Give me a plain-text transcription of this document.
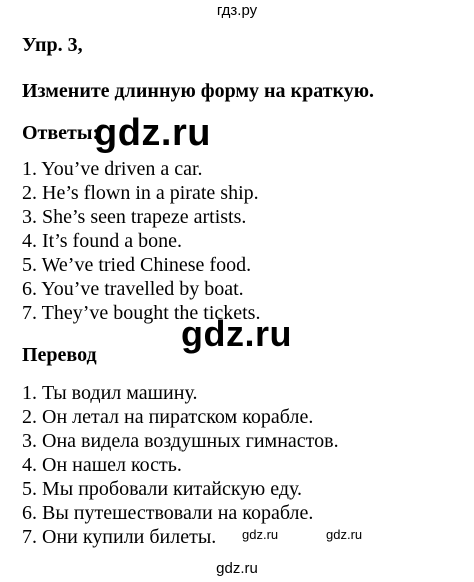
гдз.ру
Упр. 3,
Измените длинную форму на краткую.
Ответы:
gdz.ru
1. You’ve driven a car.
2. He’s flown in a pirate ship.
3. She’s seen trapeze artists.
4. It’s found a bone.
5. We’ve tried Chinese food.
6. You’ve travelled by boat.
7. They’ve bought the tickets.
gdz.ru
Перевод
1. Ты водил машину.
2. Он летал на пиратском корабле.
3. Она видела воздушных гимнастов.
4. Он нашел кость.
5. Мы пробовали китайскую еду.
6. Вы путешествовали на корабле.
7. Они купили билеты.	gdz.ru	gdz.ru
gdz.ru
